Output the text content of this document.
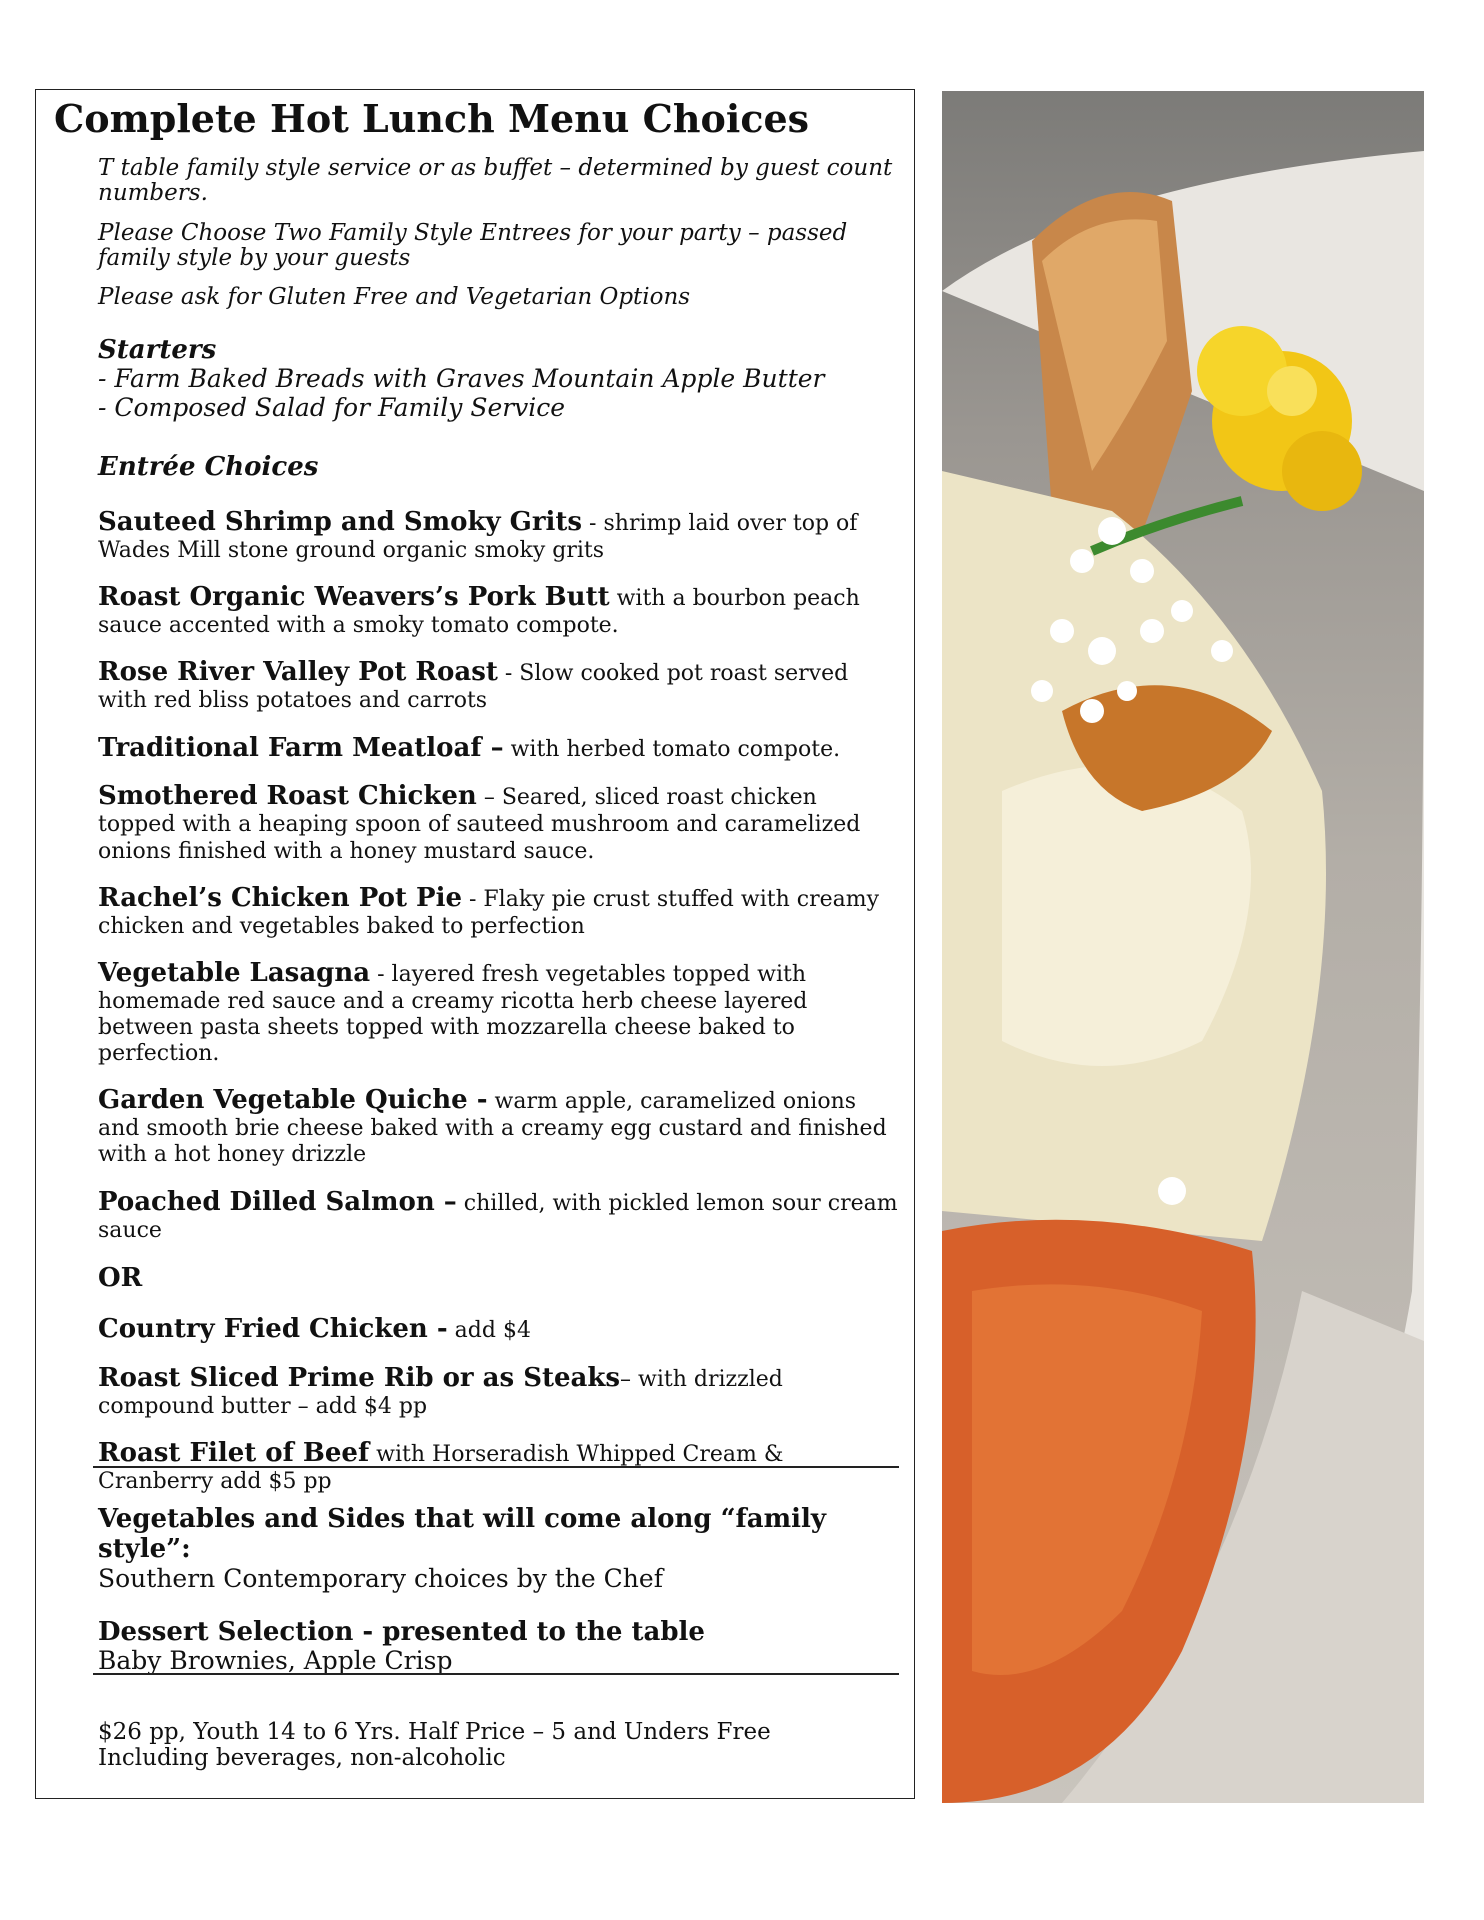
Complete Hot Lunch Menu Choices

T table family style service or as buffet – determined by guest count numbers.

Please Choose Two Family Style Entrees for your party – passed family style by your guests

Please ask for Gluten Free and Vegetarian Options

Starters

- Farm Baked Breads with Graves Mountain Apple Butter

- Composed Salad for Family Service

Entrée Choices

Sauteed Shrimp and Smoky Grits - shrimp laid over top of Wades Mill stone ground organic smoky grits

Roast Organic Weavers’s Pork Butt with a bourbon peach sauce accented with a smoky tomato compote.

Rose River Valley Pot Roast - Slow cooked pot roast served with red bliss potatoes and carrots

Traditional Farm Meatloaf – with herbed tomato compote.

Smothered Roast Chicken – Seared, sliced roast chicken topped with a heaping spoon of sauteed mushroom and caramelized onions finished with a honey mustard sauce.

Rachel’s Chicken Pot Pie - Flaky pie crust stuffed with creamy chicken and vegetables baked to perfection

Vegetable Lasagna - layered fresh vegetables topped with homemade red sauce and a creamy ricotta herb cheese layered between pasta sheets topped with mozzarella cheese baked to perfection.

Garden Vegetable Quiche - warm apple, caramelized onions and smooth brie cheese baked with a creamy egg custard and finished with a hot honey drizzle

Poached Dilled Salmon – chilled, with pickled lemon sour cream sauce

OR

Country Fried Chicken - add $4

Roast Sliced Prime Rib or as Steaks– with drizzled compound butter – add $4 pp

Roast Filet of Beef with Horseradish Whipped Cream & Cranberry add $5 pp

Vegetables and Sides that will come along “family style”:

Southern Contemporary choices by the Chef

Dessert Selection - presented to the table

Baby Brownies, Apple Crisp

$26 pp, Youth 14 to 6 Yrs. Half Price – 5 and Unders Free

Including beverages, non-alcoholic
